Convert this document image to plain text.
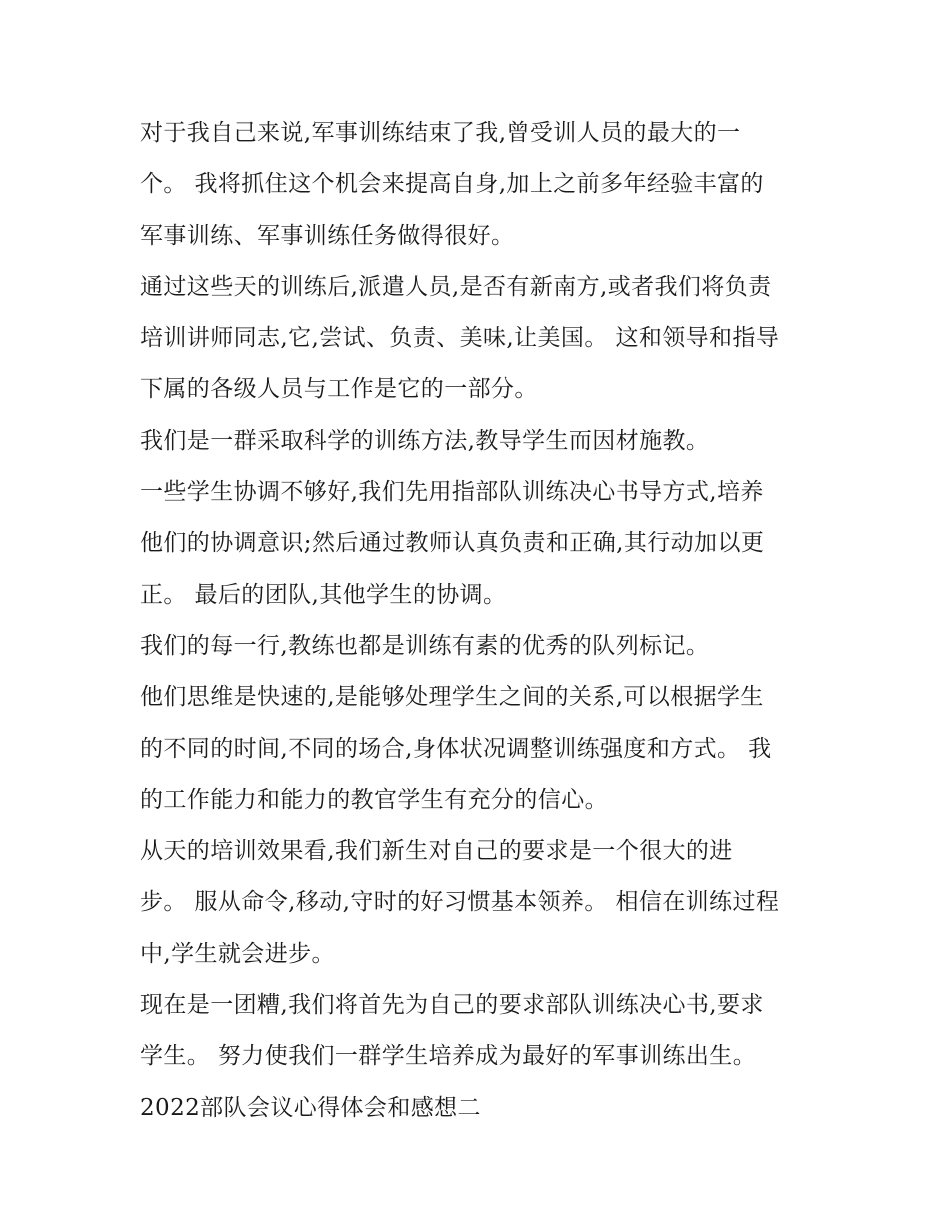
对于我自己来说,军事训练结束了我,曾受训人员的最大的一
个。 我将抓住这个机会来提高自身,加上之前多年经验丰富的
军事训练、军事训练任务做得很好。
通过这些天的训练后,派遣人员,是否有新南方,或者我们将负责
培训讲师同志,它,尝试、负责、美味,让美国。 这和领导和指导
下属的各级人员与工作是它的一部分。
我们是一群采取科学的训练方法,教导学生而因材施教。
一些学生协调不够好,我们先用指部队训练决心书导方式,培养
他们的协调意识;然后通过教师认真负责和正确,其行动加以更
正。 最后的团队,其他学生的协调。
我们的每一行,教练也都是训练有素的优秀的队列标记。
他们思维是快速的,是能够处理学生之间的关系,可以根据学生
的不同的时间,不同的场合,身体状况调整训练强度和方式。 我
的工作能力和能力的教官学生有充分的信心。
从天的培训效果看,我们新生对自己的要求是一个很大的进
步。 服从命令,移动,守时的好习惯基本领养。 相信在训练过程
中,学生就会进步。
现在是一团糟,我们将首先为自己的要求部队训练决心书,要求
学生。 努力使我们一群学生培养成为最好的军事训练出生。
2022部队会议心得体会和感想二
